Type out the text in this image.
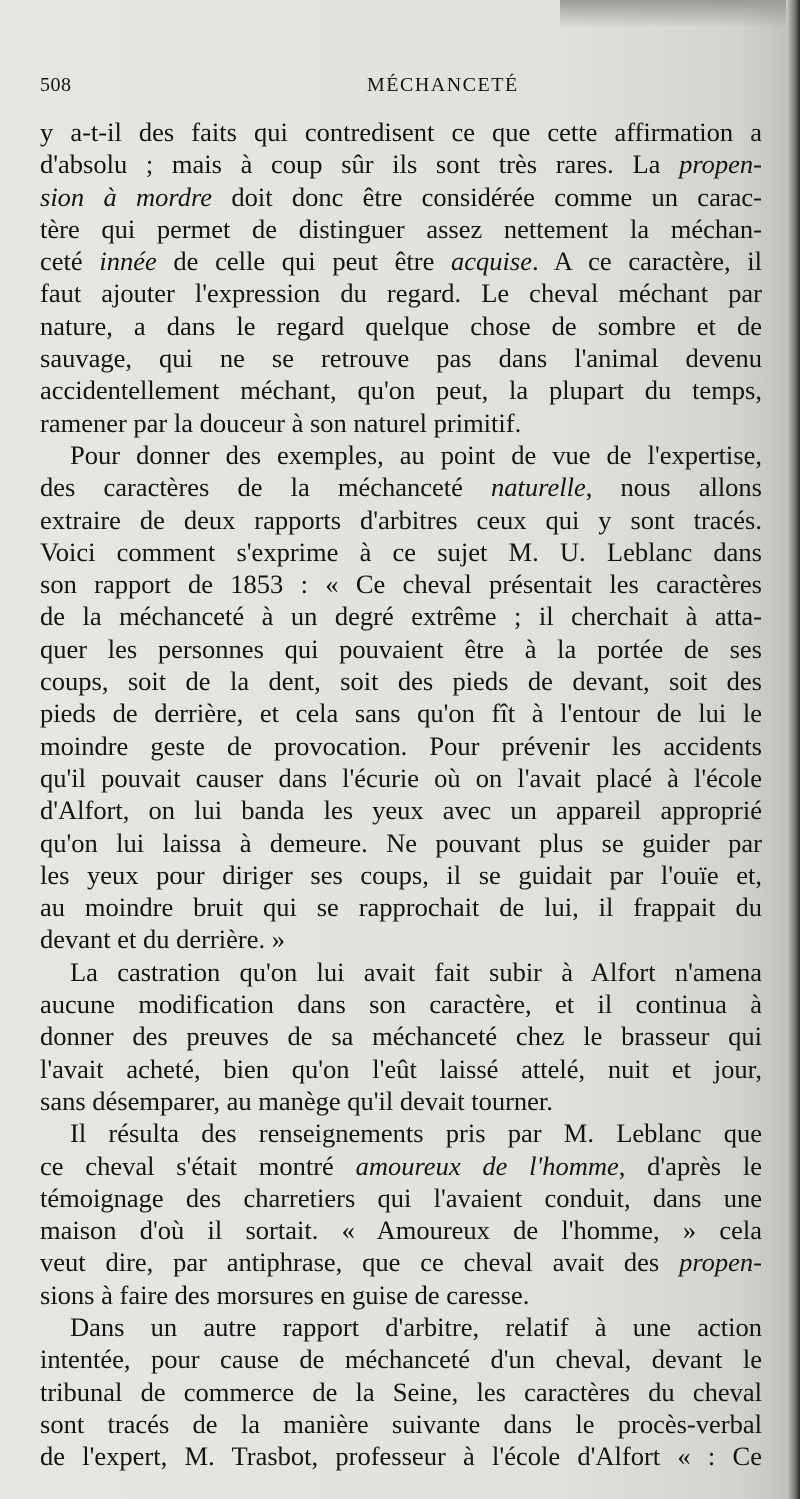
508	MÉCHANCETÉ
y a-t-il des faits qui contredisent ce que cette affirmation a
d'absolu ; mais à coup sûr ils sont très rares. La propen-
sion à mordre doit donc être considérée comme un carac-
tère qui permet de distinguer assez nettement la méchan-
ceté innée de celle qui peut être acquise. A ce caractère, il
faut ajouter l'expression du regard. Le cheval méchant par
nature, a dans le regard quelque chose de sombre et de
sauvage, qui ne se retrouve pas dans l'animal devenu
accidentellement méchant, qu'on peut, la plupart du temps,
ramener par la douceur à son naturel primitif.
Pour donner des exemples, au point de vue de l'expertise,
des caractères de la méchanceté naturelle, nous allons
extraire de deux rapports d'arbitres ceux qui y sont tracés.
Voici comment s'exprime à ce sujet M. U. Leblanc dans
son rapport de 1853 : « Ce cheval présentait les caractères
de la méchanceté à un degré extrême ; il cherchait à atta-
quer les personnes qui pouvaient être à la portée de ses
coups, soit de la dent, soit des pieds de devant, soit des
pieds de derrière, et cela sans qu'on fît à l'entour de lui le
moindre geste de provocation. Pour prévenir les accidents
qu'il pouvait causer dans l'écurie où on l'avait placé à l'école
d'Alfort, on lui banda les yeux avec un appareil approprié
qu'on lui laissa à demeure. Ne pouvant plus se guider par
les yeux pour diriger ses coups, il se guidait par l'ouïe et,
au moindre bruit qui se rapprochait de lui, il frappait du
devant et du derrière. »
La castration qu'on lui avait fait subir à Alfort n'amena
aucune modification dans son caractère, et il continua à
donner des preuves de sa méchanceté chez le brasseur qui
l'avait acheté, bien qu'on l'eût laissé attelé, nuit et jour,
sans désemparer, au manège qu'il devait tourner.
Il résulta des renseignements pris par M. Leblanc que
ce cheval s'était montré amoureux de l'homme, d'après le
témoignage des charretiers qui l'avaient conduit, dans une
maison d'où il sortait. « Amoureux de l'homme, » cela
veut dire, par antiphrase, que ce cheval avait des propen-
sions à faire des morsures en guise de caresse.
Dans un autre rapport d'arbitre, relatif à une action
intentée, pour cause de méchanceté d'un cheval, devant le
tribunal de commerce de la Seine, les caractères du cheval
sont tracés de la manière suivante dans le procès-verbal
de l'expert, M. Trasbot, professeur à l'école d'Alfort « : Ce
